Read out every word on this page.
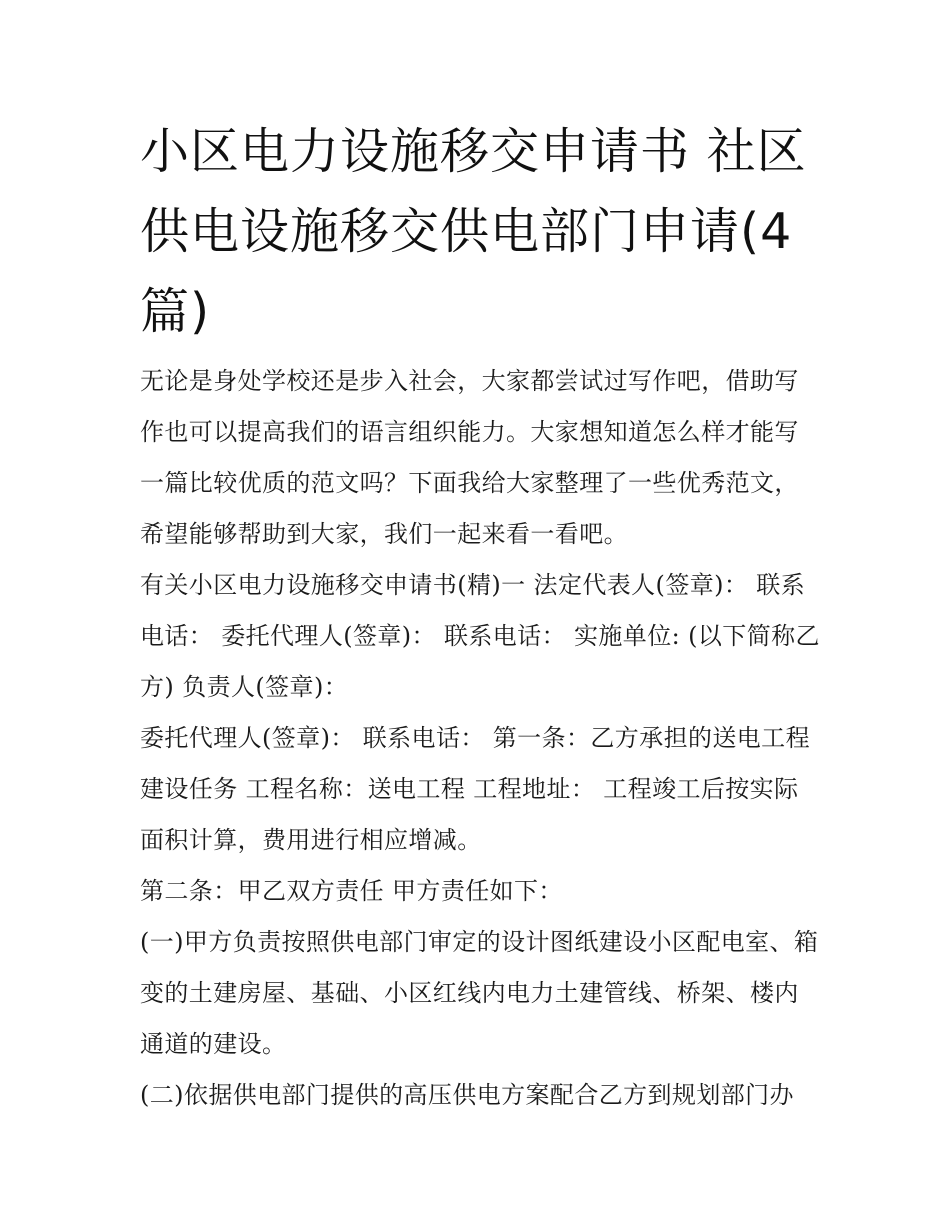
小区电力设施移交申请书 社区供电设施移交供电部门申请(4篇)

无论是身处学校还是步入社会，大家都尝试过写作吧，借助写作也可以提高我们的语言组织能力。大家想知道怎么样才能写一篇比较优质的范文吗？下面我给大家整理了一些优秀范文，希望能够帮助到大家，我们一起来看一看吧。

有关小区电力设施移交申请书(精)一 法定代表人(签章)： 联系电话： 委托代理人(签章)： 联系电话： 实施单位: (以下简称乙方) 负责人(签章)：

委托代理人(签章)： 联系电话： 第一条：乙方承担的送电工程建设任务 工程名称：送电工程 工程地址： 工程竣工后按实际面积计算，费用进行相应增减。

第二条：甲乙双方责任 甲方责任如下：

(一)甲方负责按照供电部门审定的设计图纸建设小区配电室、箱变的土建房屋、基础、小区红线内电力土建管线、桥架、楼内通道的建设。

(二)依据供电部门提供的高压供电方案配合乙方到规划部门办
